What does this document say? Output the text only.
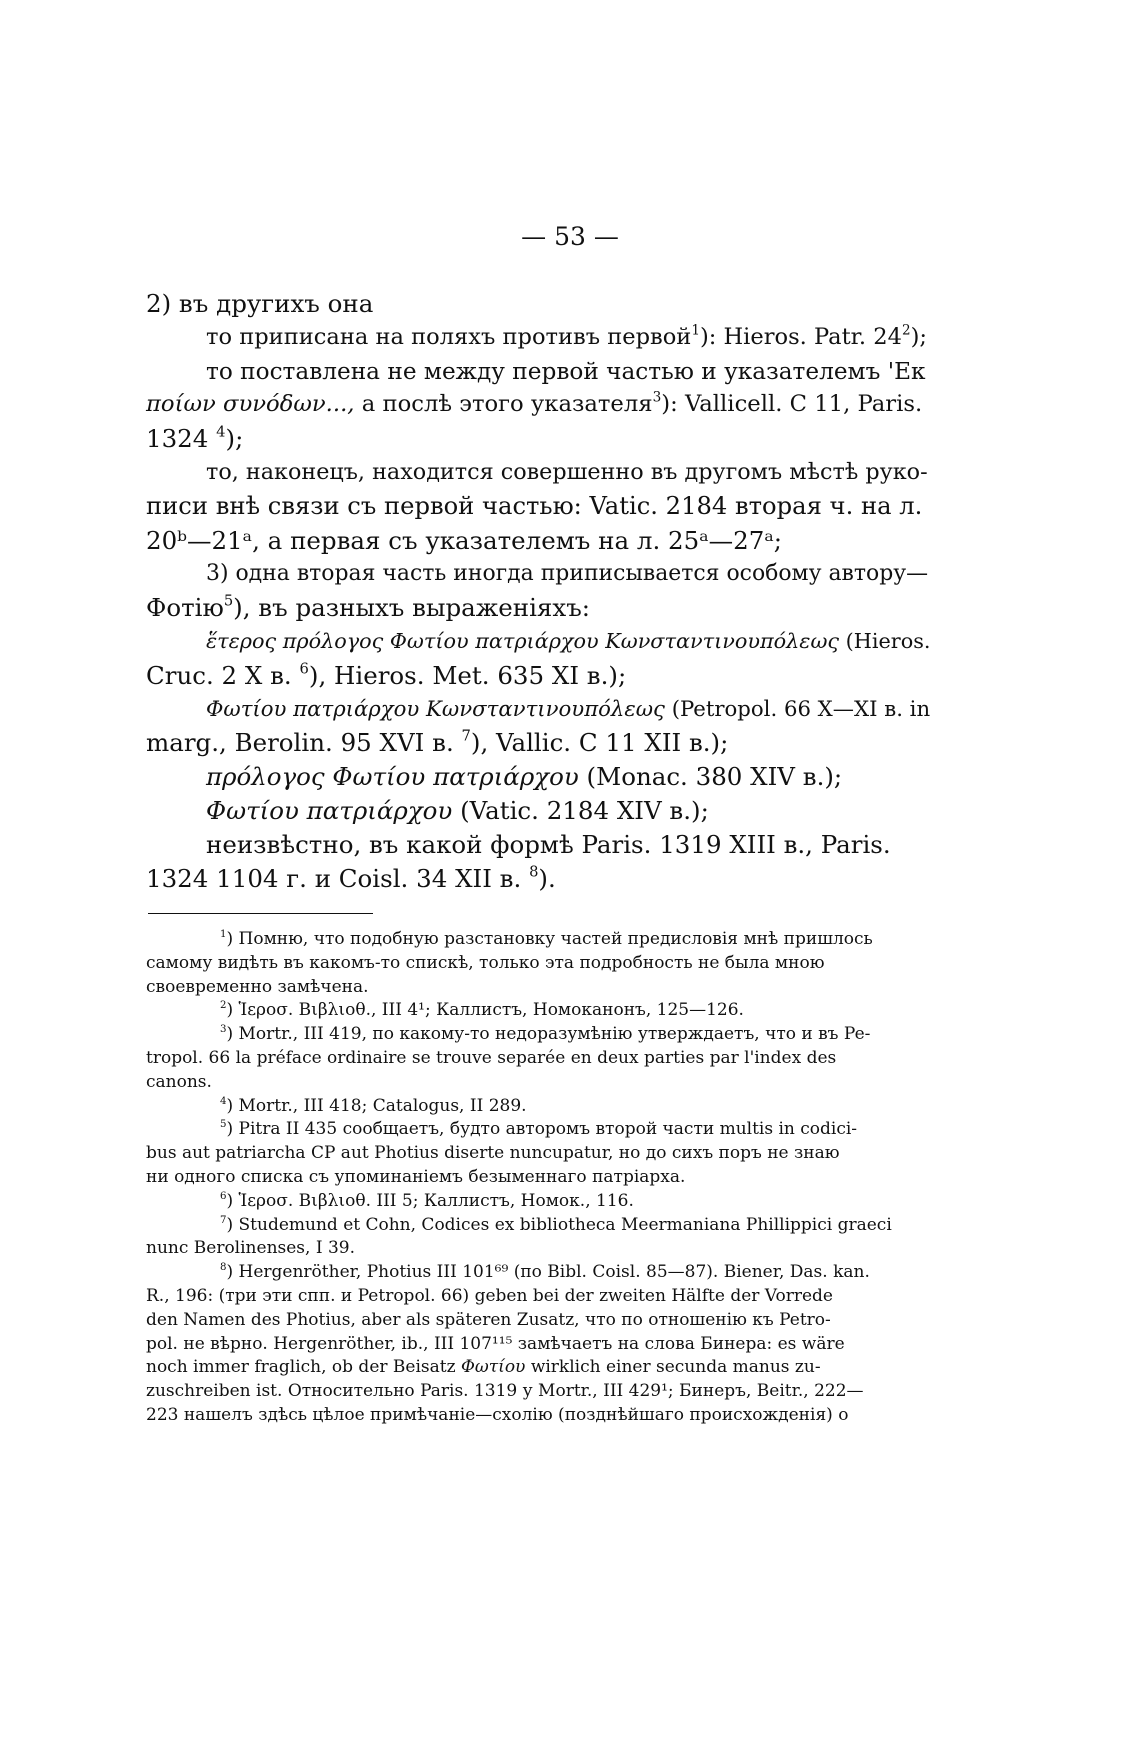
— 53 —
2) въ другихъ она
то приписана на поляхъ противъ первой$^1$): Hieros. Patr. $24^2$);
то поставлена не между первой частью и указателемъ 'Εκ
ποίων συνόδων..., а послѣ этого указателя$^3$): Vallicell. C 11, Paris.
1324 $^4$);
то, наконецъ, находится совершенно въ другомъ мѣстѣ руко-
писи внѣ связи съ первой частью: Vatic. 2184 вторая ч. на л.
20ᵇ—21ᵃ, а первая съ указателемъ на л. 25ᵃ—27ᵃ;
3) одна вторая часть иногда приписывается особому автору—
Фотію$^5$), въ разныхъ выраженіяхъ:
ἕτερος πρόλογος Φωτίου πατριάρχου Κωνσταντινουπόλεως (Hieros.
Cruc. 2 X в. $^6$), Hieros. Met. 635 XI в.);
Φωτίου πατριάρχου Κωνσταντινουπόλεως (Petropol. 66 X—XI в. in
marg., Berolin. 95 XVI в. $^7$), Vallic. C 11 XII в.);
πρόλογος Φωτίου πατριάρχου (Monac. 380 XIV в.);
Φωτίου πατριάρχου (Vatic. 2184 XIV в.);
неизвѣстно, въ какой формѣ Paris. 1319 XIII в., Paris.
1324 1104 г. и Coisl. 34 XII в. $^8$).
$^1$) Помню, что подобную разстановку частей предисловія мнѣ пришлось
самому видѣть въ какомъ-то спискѣ, только эта подробность не была мною
своевременно замѣчена.
$^2$) Ἱεροσ. Βιβλιοθ., III 4¹; Каллистъ, Номоканонъ, 125—126.
$^3$) Mortr., III 419, по какому-то недоразумѣнію утверждаетъ, что и въ Pe-
tropol. 66 la préface ordinaire se trouve separée en deux parties par l'index des
canons.
$^4$) Mortr., III 418; Catalogus, II 289.
$^5$) Pitra II 435 сообщаетъ, будто авторомъ второй части multis in codici-
bus aut patriarcha CP aut Photius diserte nuncupatur, но до сихъ поръ не знаю
ни одного списка съ упоминаніемъ безыменнаго патріарха.
$^6$) Ἱεροσ. Βιβλιοθ. III 5; Каллистъ, Номок., 116.
$^7$) Studemund et Cohn, Codices ex bibliotheca Meermaniana Phillippici graeci
nunc Berolinenses, I 39.
$^8$) Hergenröther, Photius III 101⁶⁹ (по Bibl. Coisl. 85—87). Biener, Das. kan.
R., 196: (три эти спп. и Petropol. 66) geben bei der zweiten Hälfte der Vorrede
den Namen des Photius, aber als späteren Zusatz, что по отношенію къ Petro-
pol. не вѣрно. Hergenröther, ib., III 107¹¹⁵ замѣчаетъ на слова Бинера: es wäre
noch immer fraglich, ob der Beisatz Φωτίου wirklich einer secunda manus zu-
zuschreiben ist. Относительно Paris. 1319 у Mortr., III 429¹; Бинеръ, Beitr., 222—
223 нашелъ здѣсь цѣлое примѣчаніе—схолію (позднѣйшаго происхожденія) о
